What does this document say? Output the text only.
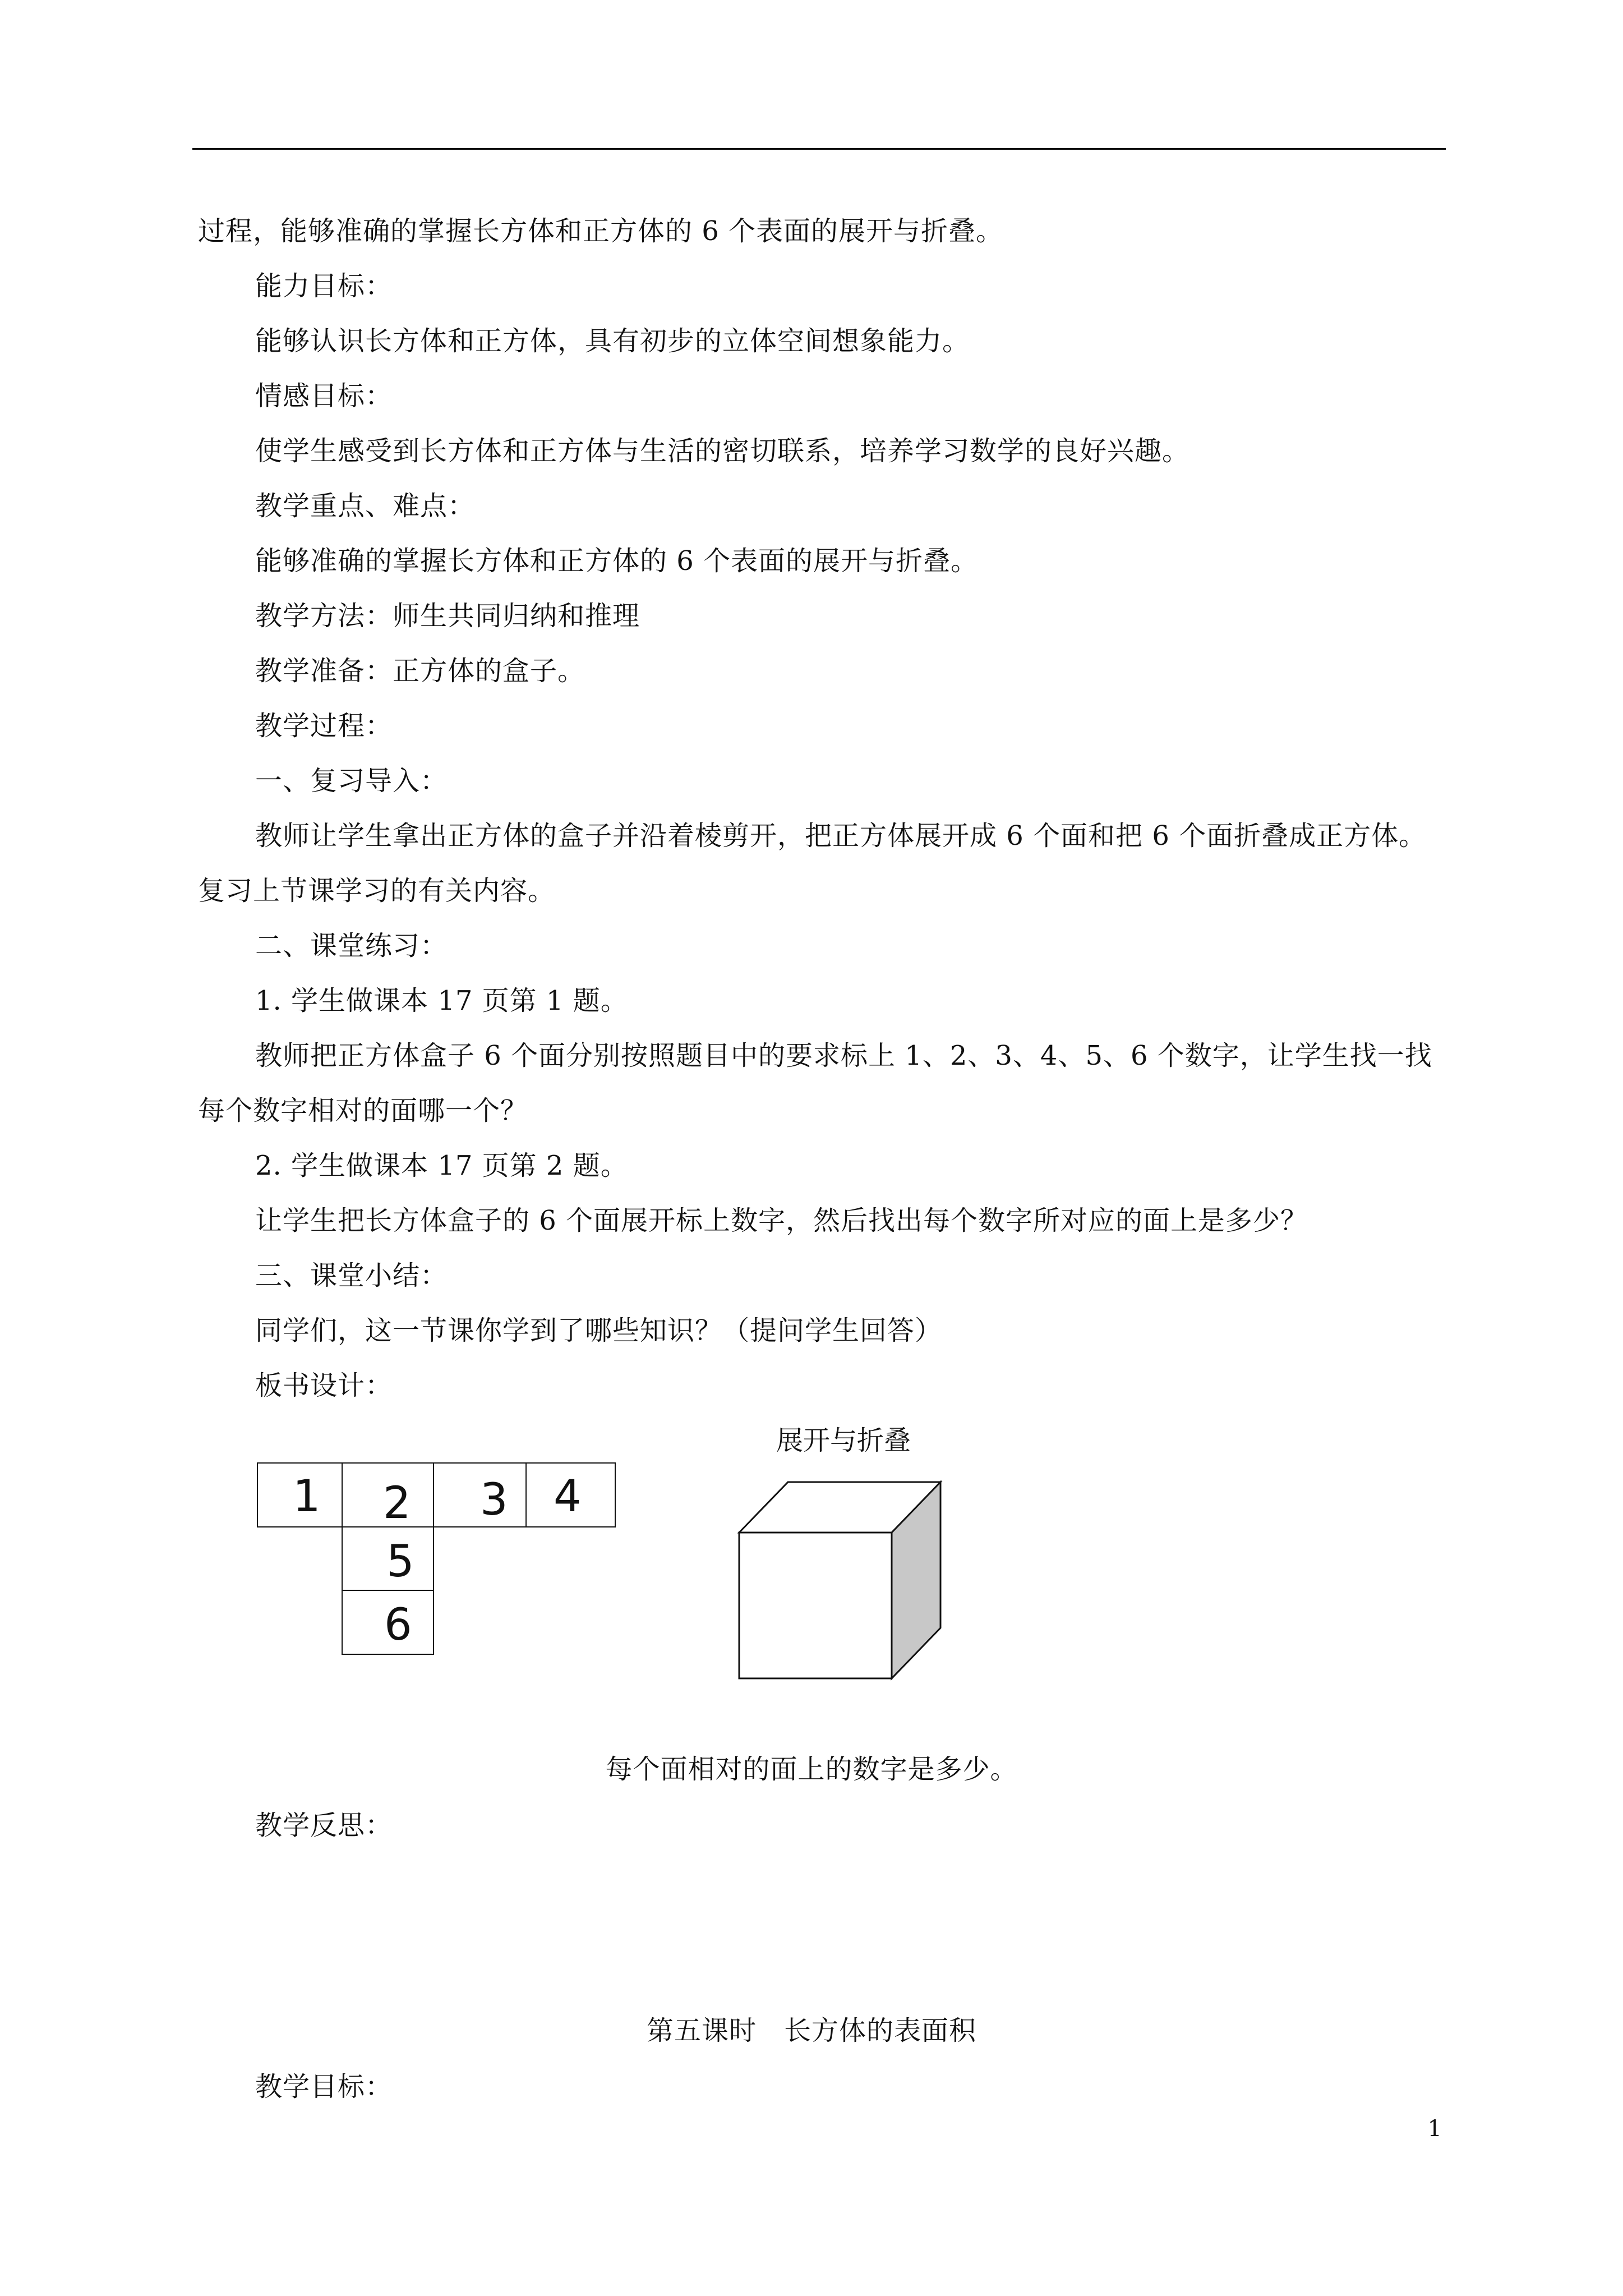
过程，能够准确的掌握长方体和正方体的 6 个表面的展开与折叠。
能力目标：
能够认识长方体和正方体，具有初步的立体空间想象能力。
情感目标：
使学生感受到长方体和正方体与生活的密切联系，培养学习数学的良好兴趣。
教学重点、难点：
能够准确的掌握长方体和正方体的 6 个表面的展开与折叠。
教学方法：师生共同归纳和推理
教学准备：正方体的盒子。
教学过程：
一、复习导入：
教师让学生拿出正方体的盒子并沿着棱剪开，把正方体展开成 6 个面和把 6 个面折叠成正方体。
复习上节课学习的有关内容。
二、课堂练习：
1. 学生做课本 17 页第 1 题。
教师把正方体盒子 6 个面分别按照题目中的要求标上 1、2、3、4、5、6 个数字，让学生找一找
每个数字相对的面哪一个？
2. 学生做课本 17 页第 2 题。
让学生把长方体盒子的 6 个面展开标上数字，然后找出每个数字所对应的面上是多少？
三、课堂小结：
同学们，这一节课你学到了哪些知识？（提问学生回答）
板书设计：
1 2 3 4
5
6
展开与折叠
每个面相对的面上的数字是多少。
教学反思：
第五课时　长方体的表面积
教学目标：
1
